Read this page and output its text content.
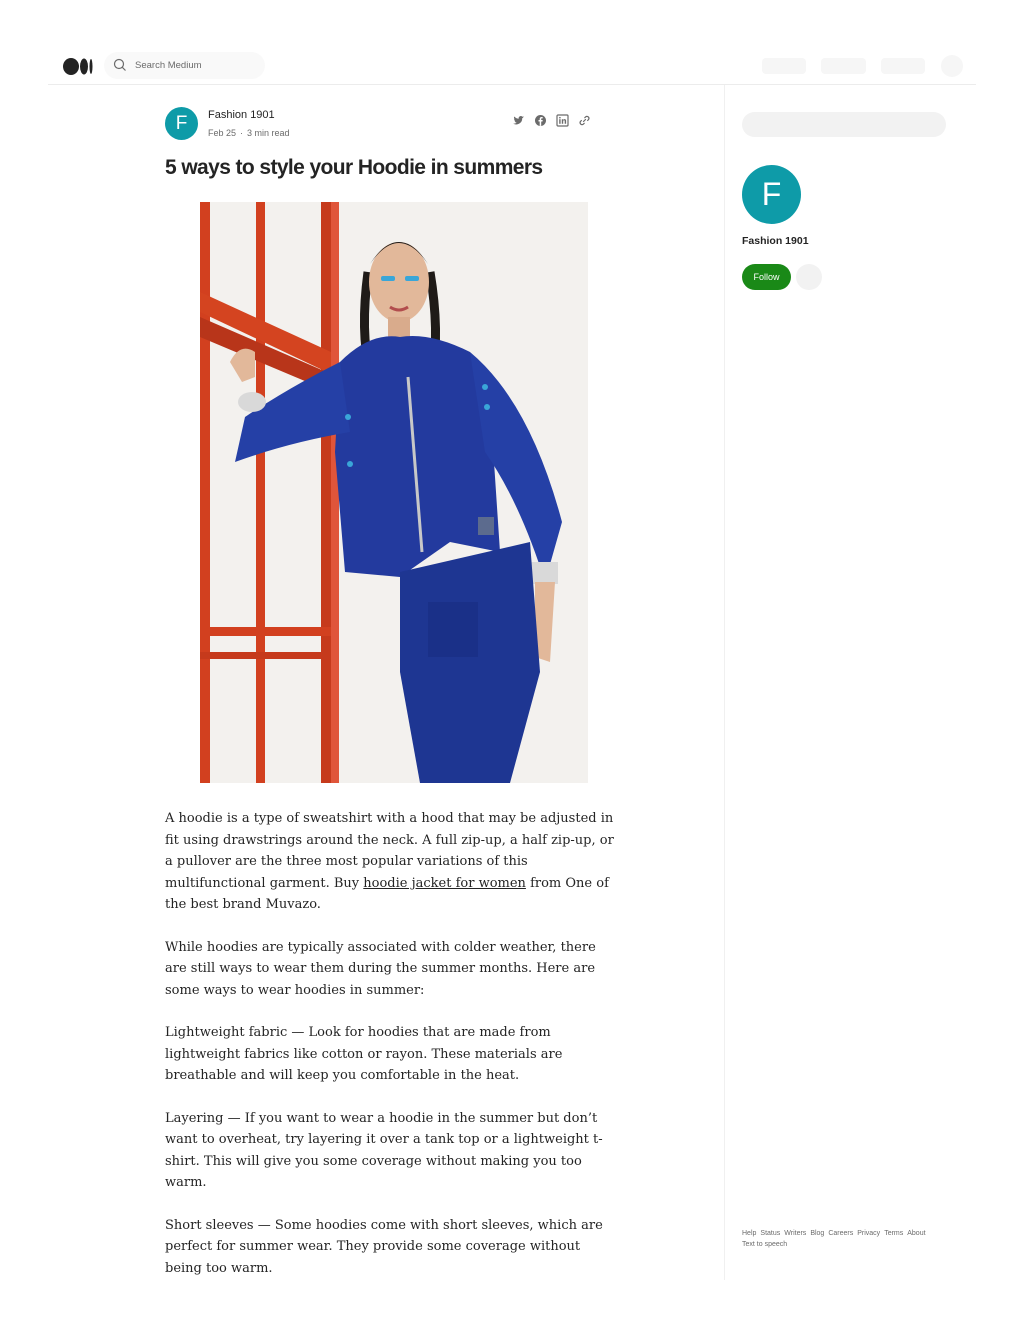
Search Medium
F	Fashion 1901
Feb 25 · 3 min read
5 ways to style your Hoodie in summers

A hoodie is a type of sweatshirt with a hood that may be adjusted in fit using drawstrings around the neck. A full zip-up, a half zip-up, or a pullover are the three most popular variations of this multifunctional garment. Buy hoodie jacket for women from One of the best brand Muvazo.

While hoodies are typically associated with colder weather, there are still ways to wear them during the summer months. Here are some ways to wear hoodies in summer:

Lightweight fabric — Look for hoodies that are made from lightweight fabrics like cotton or rayon. These materials are breathable and will keep you comfortable in the heat.

Layering — If you want to wear a hoodie in the summer but don’t want to overheat, try layering it over a tank top or a lightweight t-shirt. This will give you some coverage without making you too warm.

Short sleeves — Some hoodies come with short sleeves, which are perfect for summer wear. They provide some coverage without being too warm.

F
Fashion 1901
Follow
Help Status Writers Blog Careers Privacy Terms About
Text to speech
